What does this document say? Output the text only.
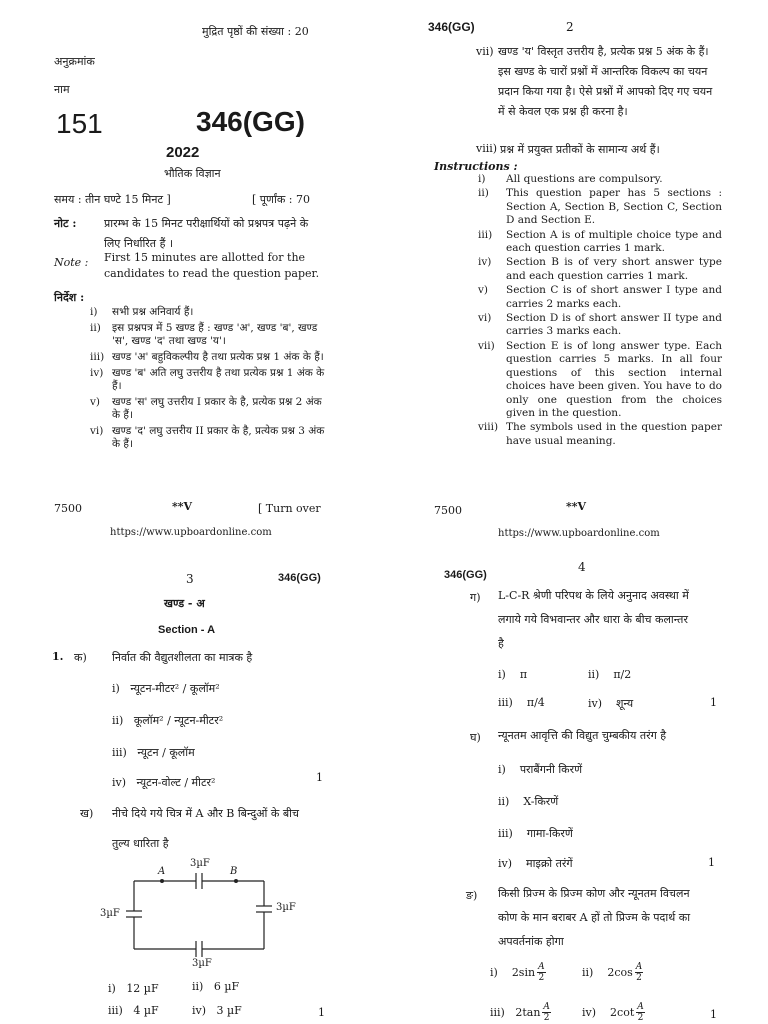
मुद्रित पृष्ठों की संख्या : 20
अनुक्रमांक
नाम
151	346(GG)
2022
भौतिक विज्ञान
समय : तीन घण्टे 15 मिनट ]	[ पूर्णांक : 70
नोट :	प्रारम्भ के 15 मिनट परीक्षार्थियों को प्रश्नपत्र पढ़ने के
लिए निर्धारित हैं ।
Note : First 15 minutes are allotted for the
candidates to read the question paper.
निर्देश :
i)	सभी प्रश्न अनिवार्य हैं।
ii)	इस प्रश्नपत्र में 5 खण्ड हैं : खण्ड 'अ', खण्ड 'ब', खण्ड 'स', खण्ड 'द' तथा खण्ड 'य'।
iii) खण्ड 'अ' बहुविकल्पीय है तथा प्रत्येक प्रश्न 1 अंक के हैं।
iv) खण्ड 'ब' अति लघु उत्तरीय है तथा प्रत्येक प्रश्न 1 अंक के हैं।
v)	खण्ड 'स' लघु उत्तरीय I प्रकार के है, प्रत्येक प्रश्न 2 अंक के हैं।
vi) खण्ड 'द' लघु उत्तरीय II प्रकार के है, प्रत्येक प्रश्न 3 अंक के हैं।
7500	**V	[ Turn over
https://www.upboardonline.com
346(GG)	2
vii) खण्ड 'य' विस्तृत उत्तरीय है, प्रत्येक प्रश्न 5 अंक के हैं। इस खण्ड के चारों प्रश्नों में आन्तरिक विकल्प का चयन प्रदान किया गया है। ऐसे प्रश्नों में आपको दिए गए चयन में से केवल एक प्रश्न ही करना है।
viii) प्रश्न में प्रयुक्त प्रतीकों के सामान्य अर्थ हैं।
Instructions :
i)	All questions are compulsory.
ii)	This question paper has 5 sections : Section A, Section B, Section C, Section D and Section E.
iii)	Section A is of multiple choice type and each question carries 1 mark.
iv)	Section B is of very short answer type and each question carries 1 mark.
v)	Section C is of short answer I type and carries 2 marks each.
vi)	Section D is of short answer II type and carries 3 marks each.
vii)	Section E is of long answer type. Each question carries 5 marks. In all four questions of this section internal choices have been given. You have to do only one question from the choices given in the question.
viii) The symbols used in the question paper have usual meaning.
7500	**V
https://www.upboardonline.com
3	346(GG)
खण्ड - अ
Section - A
1. क) निर्वात की वैद्युतशीलता का मात्रक है
i) न्यूटन-मीटर² / कूलॉम²
ii) कूलॉम² / न्यूटन-मीटर²
iii) न्यूटन / कूलॉम
iv) न्यूटन-वोल्ट / मीटर²	1
ख) नीचे दिये गये चित्र में A और B बिन्दुओं के बीच
तुल्य धारिता है
A	B
3µF
3µF
3µF
3µF
i) 12 µF	ii) 6 µF
iii) 4 µF	iv) 3 µF	1
346(GG)
4
ग) L-C-R श्रेणी परिपथ के लिये अनुनाद अवस्था में
लगाये गये विभवान्तर और धारा के बीच कलान्तर
है
i) π	ii) π/2
iii) π/4	iv) शून्य	1
घ) न्यूनतम आवृत्ति की विद्युत चुम्बकीय तरंग है
i) पराबैंगनी किरणें
ii) X-किरणें
iii) गामा-किरणें
iv) माइक्रो तरंगें	1
ङ) किसी प्रिज्म के प्रिज्म कोण और न्यूनतम विचलन
कोण के मान बराबर A हों तो प्रिज्म के पदार्थ का
अपवर्तनांक होगा
i)
2sin A
2	ii)
2cos A
2
iii)
2tan A
2	iv)
2cot A
2	1
